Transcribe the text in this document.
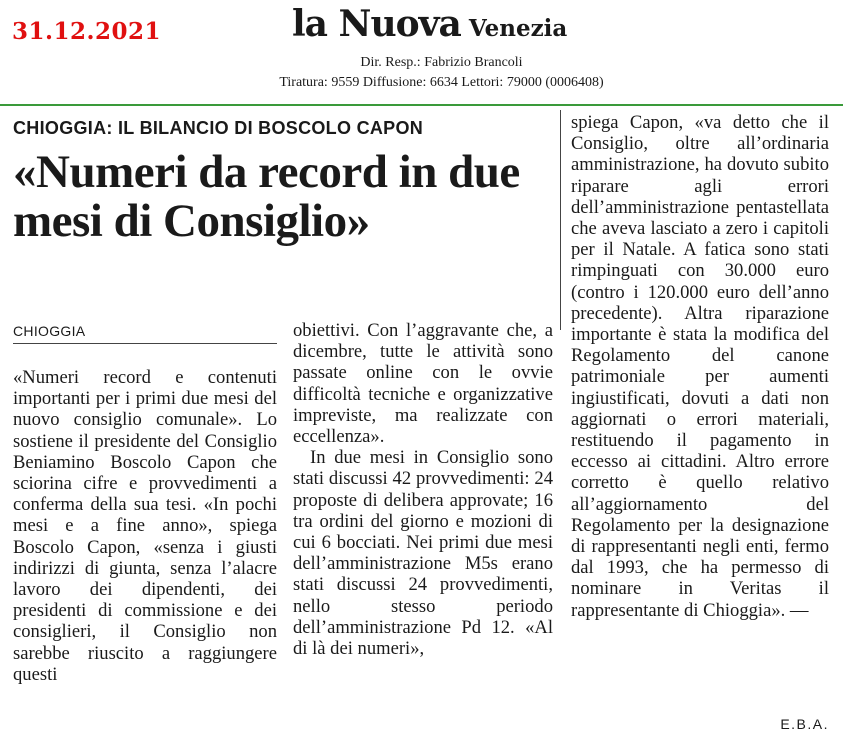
31.12.2021	la Nuova Venezia
Dir. Resp.: Fabrizio Brancoli
Tiratura: 9559 Diffusione: 6634 Lettori: 79000 (0006408)
CHIOGGIA: IL BILANCIO DI BOSCOLO CAPON
«Numeri da record in due mesi di Consiglio»
CHIOGGIA

«Numeri record e contenuti importanti per i primi due mesi del nuovo consiglio comunale». Lo sostiene il presidente del Consiglio Beniamino Boscolo Capon che sciorina cifre e provvedimenti a conferma della sua tesi. «In pochi mesi e a fine anno», spiega Boscolo Capon, «senza i giusti indirizzi di giunta, senza l’alacre lavoro dei dipendenti, dei presidenti di commissione e dei consiglieri, il Consiglio non sarebbe riuscito a raggiungere questi

obiettivi. Con l’aggravante che, a dicembre, tutte le attività sono passate online con le ovvie difficoltà tecniche e organizzative impreviste, ma realizzate con eccellenza».

In due mesi in Consiglio sono stati discussi 42 provvedimenti: 24 proposte di delibera approvate; 16 tra ordini del giorno e mozioni di cui 6 bocciati. Nei primi due mesi dell’amministrazione M5s erano stati discussi 24 provvedimenti, nello stesso periodo dell’amministrazione Pd 12. «Al di là dei numeri»,

spiega Capon, «va detto che il Consiglio, oltre all’ordinaria amministrazione, ha dovuto subito riparare agli errori dell’amministrazione pentastellata che aveva lasciato a zero i capitoli per il Natale. A fatica sono stati rimpinguati con 30.000 euro (contro i 120.000 euro dell’anno precedente). Altra riparazione importante è stata la modifica del Regolamento del canone patrimoniale per aumenti ingiustificati, dovuti a dati non aggiornati o errori materiali, restituendo il pagamento in eccesso ai cittadini. Altro errore corretto è quello relativo all’aggiornamento del Regolamento per la designazione di rappresentanti negli enti, fermo dal 1993, che ha permesso di nominare in Veritas il rappresentante di Chioggia». —

E.B.A.
